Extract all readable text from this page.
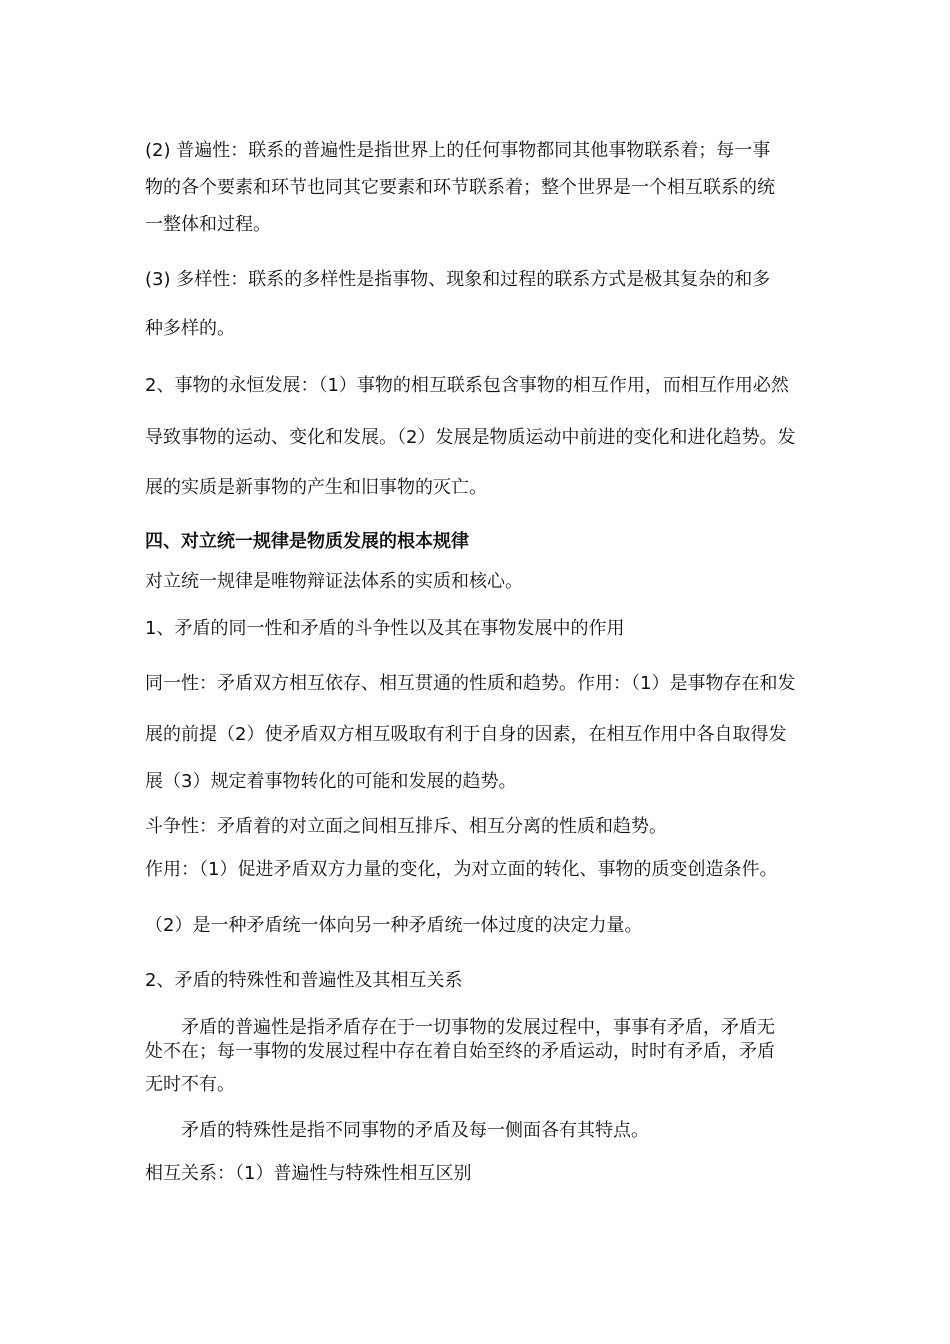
(2) 普遍性：联系的普遍性是指世界上的任何事物都同其他事物联系着；每一事

物的各个要素和环节也同其它要素和环节联系着；整个世界是一个相互联系的统

一整体和过程。

(3) 多样性：联系的多样性是指事物、现象和过程的联系方式是极其复杂的和多

种多样的。

2、事物的永恒发展：（1）事物的相互联系包含事物的相互作用，而相互作用必然

导致事物的运动、变化和发展。（2）发展是物质运动中前进的变化和进化趋势。发

展的实质是新事物的产生和旧事物的灭亡。

四、对立统一规律是物质发展的根本规律

对立统一规律是唯物辩证法体系的实质和核心。

1、矛盾的同一性和矛盾的斗争性以及其在事物发展中的作用

同一性：矛盾双方相互依存、相互贯通的性质和趋势。作用：（1）是事物存在和发

展的前提（2）使矛盾双方相互吸取有利于自身的因素，在相互作用中各自取得发

展（3）规定着事物转化的可能和发展的趋势。

斗争性：矛盾着的对立面之间相互排斥、相互分离的性质和趋势。

作用：（1）促进矛盾双方力量的变化，为对立面的转化、事物的质变创造条件。

（2）是一种矛盾统一体向另一种矛盾统一体过度的决定力量。

2、矛盾的特殊性和普遍性及其相互关系

　　矛盾的普遍性是指矛盾存在于一切事物的发展过程中，事事有矛盾，矛盾无

处不在；每一事物的发展过程中存在着自始至终的矛盾运动，时时有矛盾，矛盾

无时不有。

　　矛盾的特殊性是指不同事物的矛盾及每一侧面各有其特点。

相互关系：（1）普遍性与特殊性相互区别
